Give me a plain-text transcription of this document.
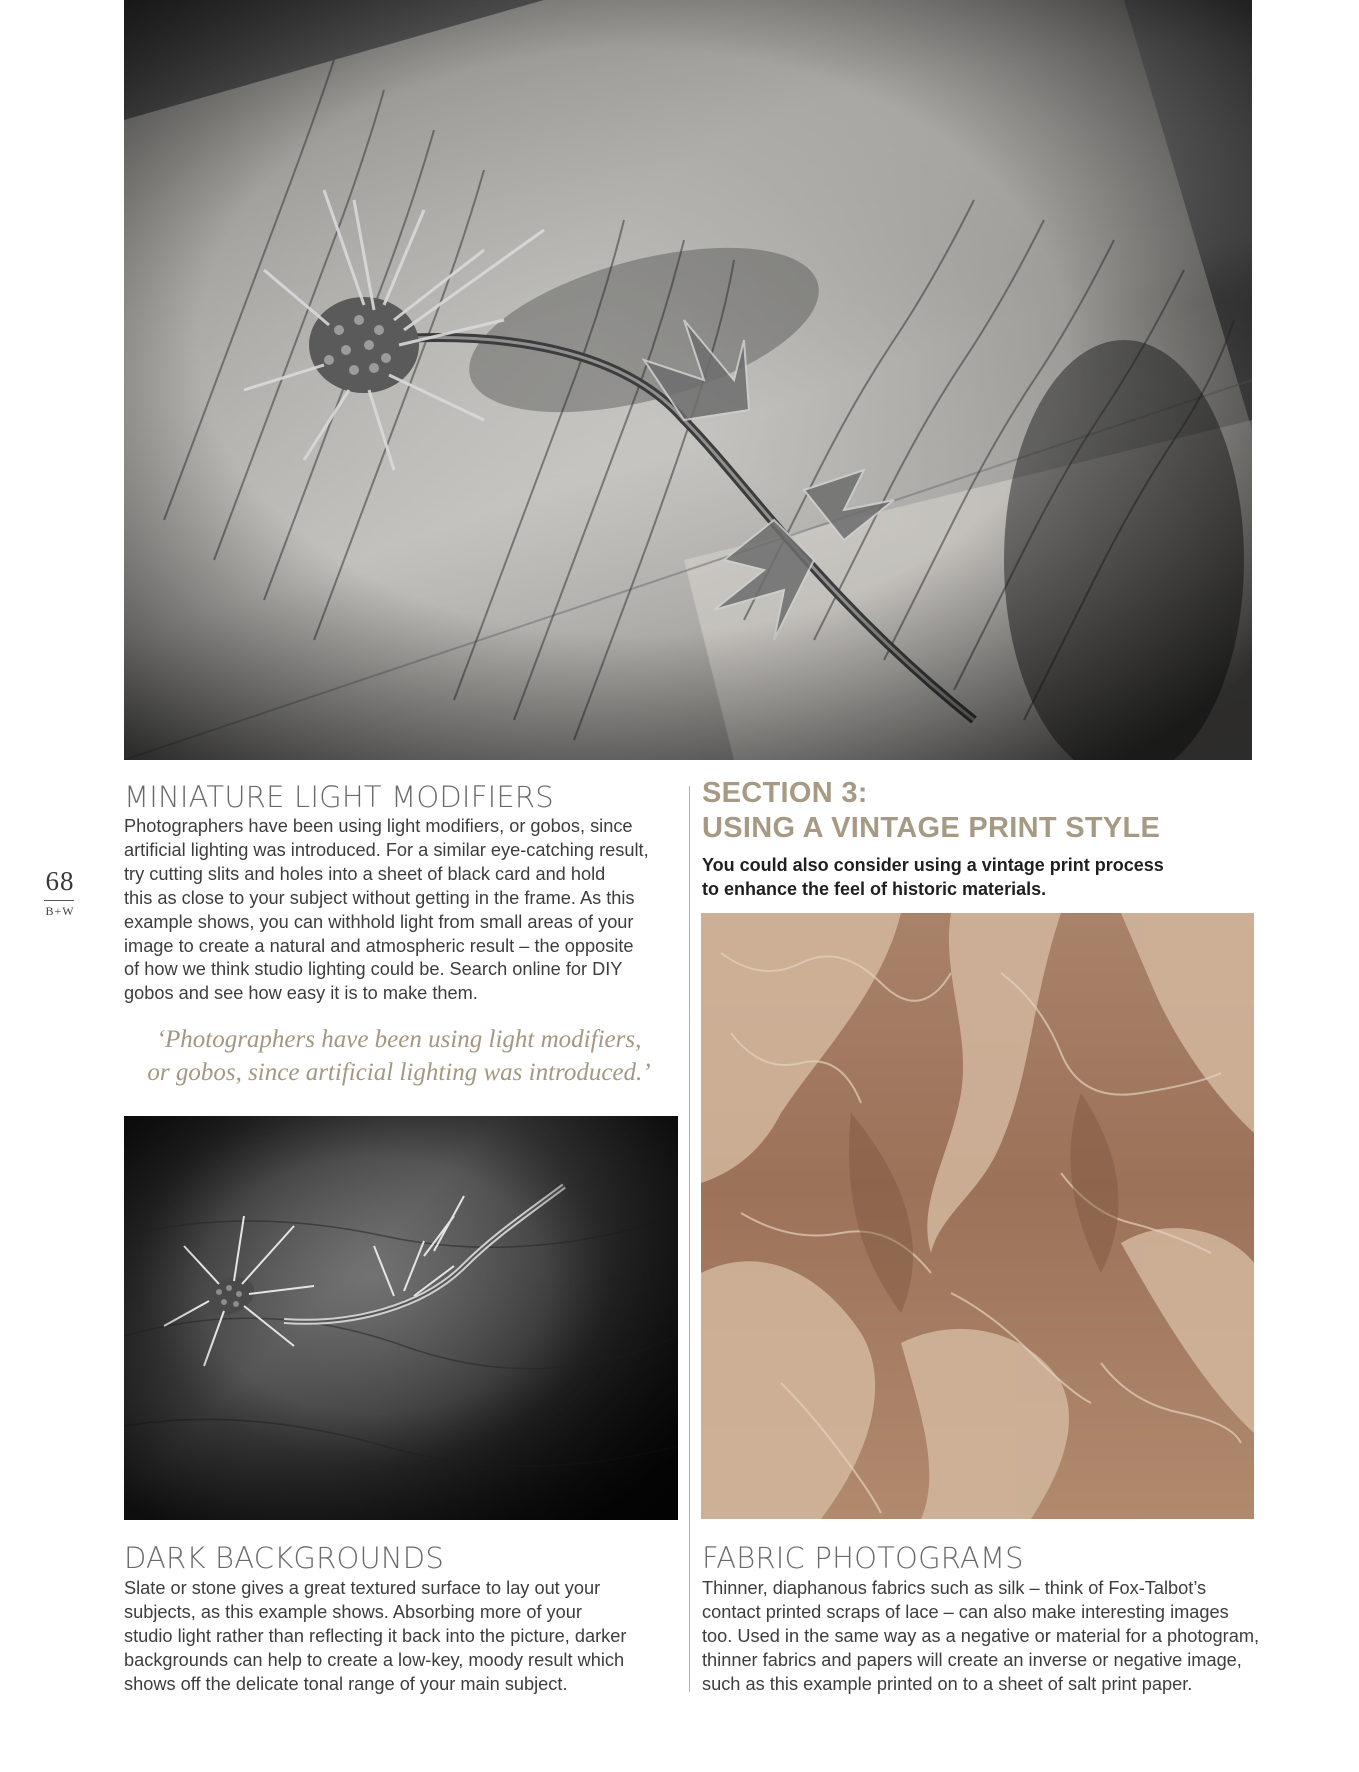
68
B+W
MINIATURE LIGHT MODIFIERS

Photographers have been using light modifiers, or gobos, since
artificial lighting was introduced. For a similar eye-catching result,
try cutting slits and holes into a sheet of black card and hold
this as close to your subject without getting in the frame. As this
example shows, you can withhold light from small areas of your
image to create a natural and atmospheric result – the opposite
of how we think studio lighting could be. Search online for DIY
gobos and see how easy it is to make them.

‘Photographers have been using light modifiers,
or gobos, since artificial lighting was introduced.’

SECTION 3:
USING A VINTAGE PRINT STYLE

You could also consider using a vintage print process
to enhance the feel of historic materials.

DARK BACKGROUNDS

Slate or stone gives a great textured surface to lay out your
subjects, as this example shows. Absorbing more of your
studio light rather than reflecting it back into the picture, darker
backgrounds can help to create a low-key, moody result which
shows off the delicate tonal range of your main subject.

FABRIC PHOTOGRAMS

Thinner, diaphanous fabrics such as silk – think of Fox-Talbot’s
contact printed scraps of lace – can also make interesting images
too. Used in the same way as a negative or material for a photogram,
thinner fabrics and papers will create an inverse or negative image,
such as this example printed on to a sheet of salt print paper.
